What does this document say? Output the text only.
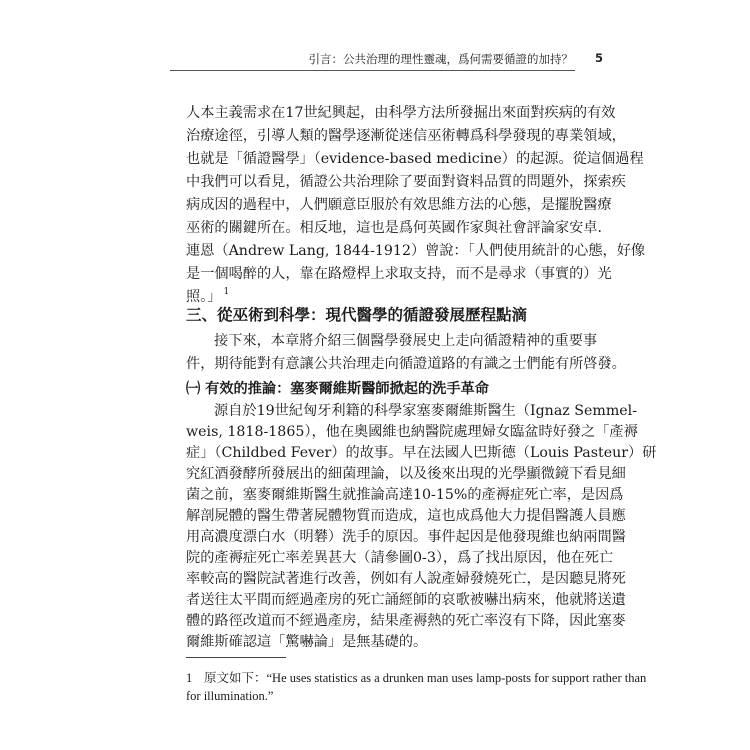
引言：公共治理的理性靈魂，爲何需要循證的加持？ 5
人本主義需求在17世紀興起，由科學方法所發掘出來面對疾病的有效
治療途徑，引導人類的醫學逐漸從迷信巫術轉爲科學發現的專業領域，
也就是「循證醫學」（evidence-based medicine）的起源。從這個過程
中我們可以看見，循證公共治理除了要面對資料品質的問題外，探索疾
病成因的過程中，人們願意臣服於有效思維方法的心態，是擺脫醫療
巫術的關鍵所在。相反地，這也是爲何英國作家與社會評論家安卓．
連恩（Andrew Lang, 1844-1912）曾說：「人們使用統計的心態，好像
是一個喝醉的人，靠在路燈桿上求取支持，而不是尋求（事實的）光
照。」 $^1$
三、從巫術到科學：現代醫學的循證發展歷程點滴
接下來，本章將介紹三個醫學發展史上走向循證精神的重要事
件，期待能對有意讓公共治理走向循證道路的有識之士們能有所啓發。
㈠ 有效的推論：塞麥爾維斯醫師掀起的洗手革命
源自於19世紀匈牙利籍的科學家塞麥爾維斯醫生（Ignaz Semmel-
weis, 1818-1865），他在奧國維也納醫院處理婦女臨盆時好發之「產褥
症」（Childbed Fever）的故事。早在法國人巴斯德（Louis Pasteur）研
究紅酒發酵所發展出的細菌理論，以及後來出現的光學顯微鏡下看見細
菌之前，塞麥爾維斯醫生就推論高達10-15%的產褥症死亡率，是因爲
解剖屍體的醫生帶著屍體物質而造成，這也成爲他大力提倡醫護人員應
用高濃度漂白水（明礬）洗手的原因。事件起因是他發現維也納兩間醫
院的產褥症死亡率差異甚大（請參圖0-3），爲了找出原因，他在死亡
率較高的醫院試著進行改善，例如有人說產婦發燒死亡，是因聽見將死
者送往太平間而經過產房的死亡誦經師的哀歌被嚇出病來，他就將送遺
體的路徑改道而不經過產房，結果產褥熱的死亡率沒有下降，因此塞麥
1 原文如下：“He uses statistics as a drunken man uses lamp-posts for support rather than
for illumination.”
爾維斯確認這「驚嚇論」是無基礎的。
